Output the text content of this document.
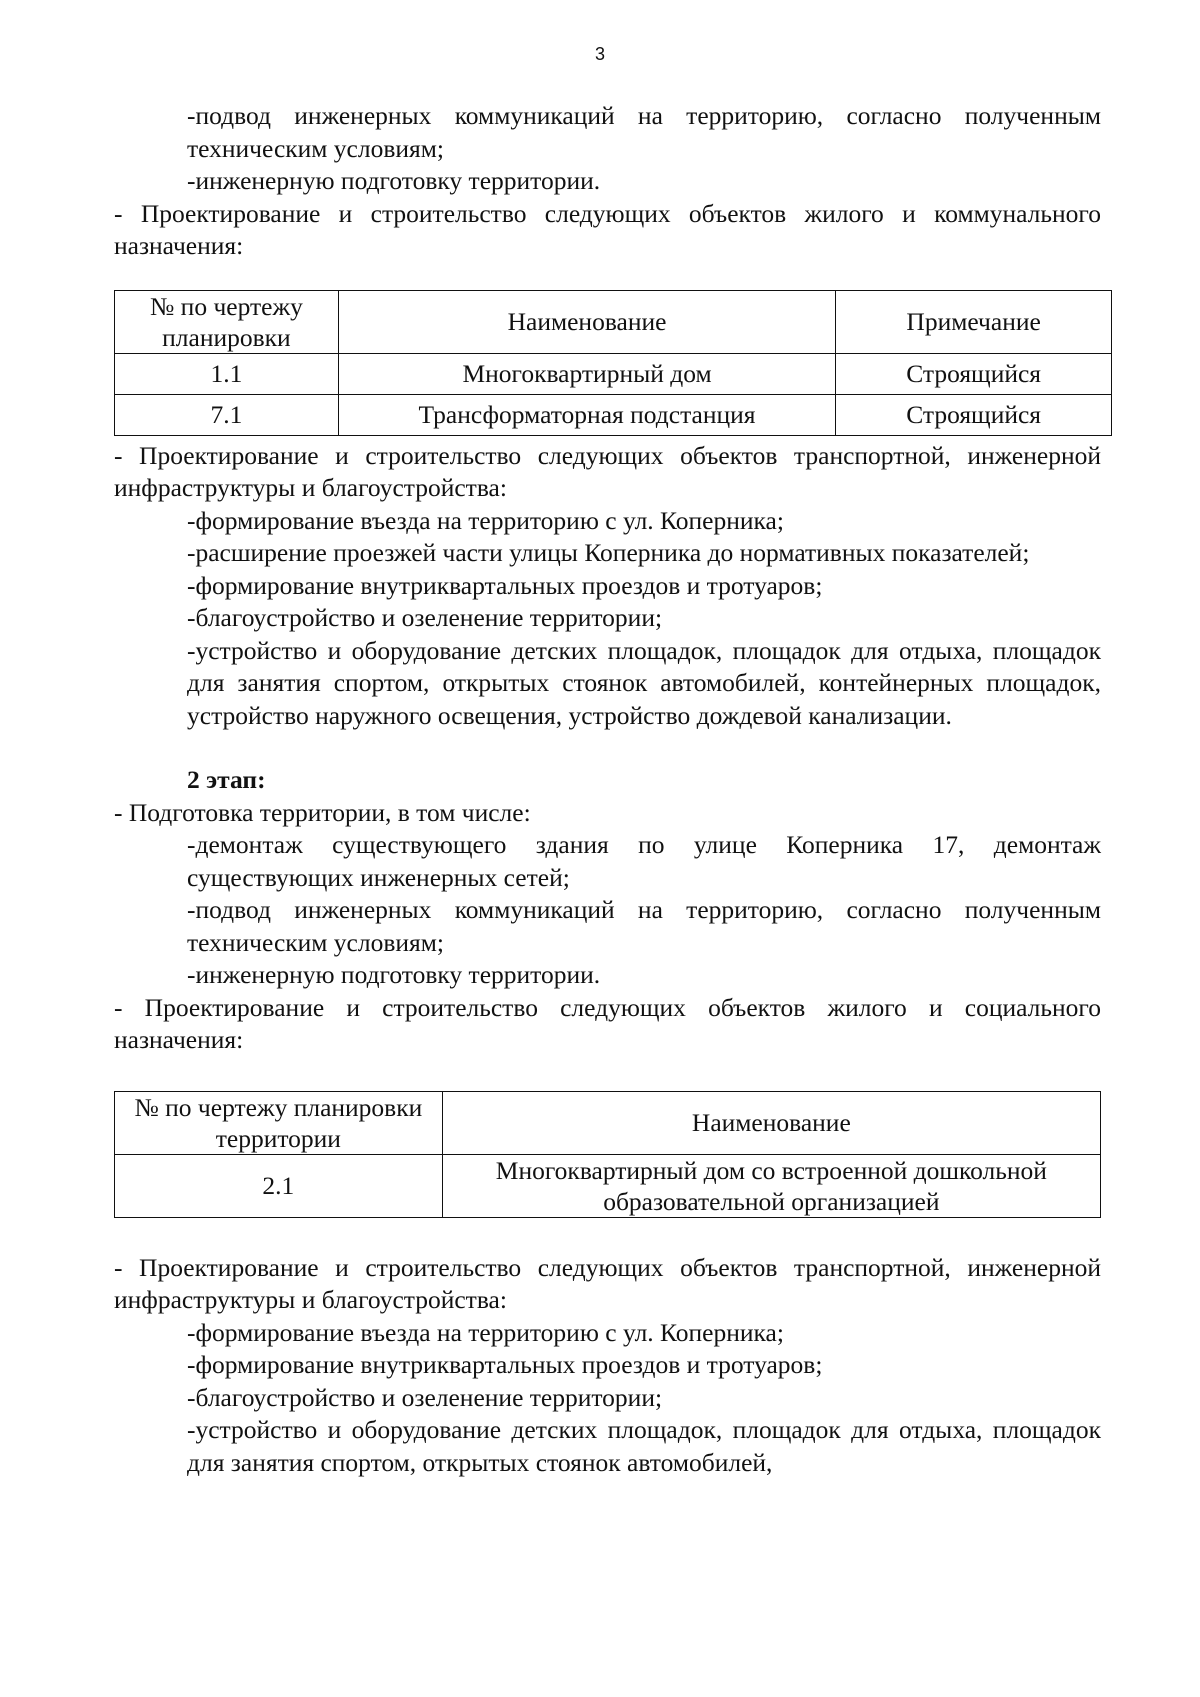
3

-подвод инженерных коммуникаций на территорию, согласно полученным техническим условиям;

-инженерную подготовку территории.

- Проектирование и строительство следующих объектов жилого и коммунального назначения:

№ по чертежу планировки	Наименование	Примечание
1.1	Многоквартирный дом	Строящийся
7.1	Трансформаторная подстанция	Строящийся

- Проектирование и строительство следующих объектов транспортной, инженерной инфраструктуры и благоустройства:

-формирование въезда на территорию с ул. Коперника;

-расширение проезжей части улицы Коперника до нормативных показателей;

-формирование внутриквартальных проездов и тротуаров;

-благоустройство и озеленение территории;

-устройство и оборудование детских площадок, площадок для отдыха, площадок для занятия спортом, открытых стоянок автомобилей, контейнерных площадок, устройство наружного освещения, устройство дождевой канализации.

2 этап:

- Подготовка территории, в том числе:

-демонтаж существующего здания по улице Коперника 17, демонтаж существующих инженерных сетей;

-подвод инженерных коммуникаций на территорию, согласно полученным техническим условиям;

-инженерную подготовку территории.

- Проектирование и строительство следующих объектов жилого и социального назначения:

№ по чертежу планировки территории	Наименование
2.1	Многоквартирный дом со встроенной дошкольной образовательной организацией

- Проектирование и строительство следующих объектов транспортной, инженерной инфраструктуры и благоустройства:

-формирование въезда на территорию с ул. Коперника;

-формирование внутриквартальных проездов и тротуаров;

-благоустройство и озеленение территории;

-устройство и оборудование детских площадок, площадок для отдыха, площадок для занятия спортом, открытых стоянок автомобилей,
